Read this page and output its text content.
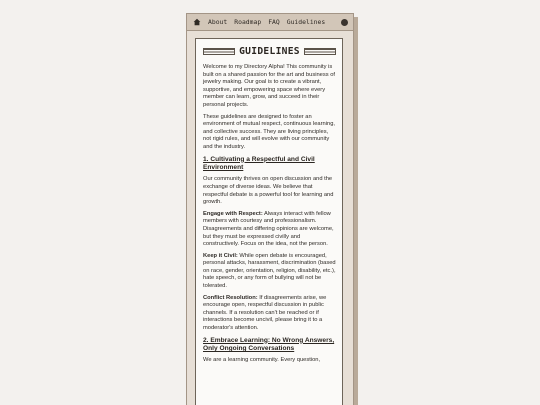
About Roadmap FAQ Guidelines
GUIDELINES

Welcome to my Directory Alpha! This community is built on a shared passion for the art and business of jewelry making. Our goal is to create a vibrant, supportive, and empowering space where every member can learn, grow, and succeed in their personal projects.

These guidelines are designed to foster an environment of mutual respect, continuous learning, and collective success. They are living principles, not rigid rules, and will evolve with our community and the industry.

1. Cultivating a Respectful and Civil Environment

Our community thrives on open discussion and the exchange of diverse ideas. We believe that respectful debate is a powerful tool for learning and growth.

Engage with Respect: Always interact with fellow members with courtesy and professionalism. Disagreements and differing opinions are welcome, but they must be expressed civilly and constructively. Focus on the idea, not the person.

Keep it Civil: While open debate is encouraged, personal attacks, harassment, discrimination (based on race, gender, orientation, religion, disability, etc.), hate speech, or any form of bullying will not be tolerated.

Conflict Resolution: If disagreements arise, we encourage open, respectful discussion in public channels. If a resolution can't be reached or if interactions become uncivil, please bring it to a moderator's attention.

2. Embrace Learning: No Wrong Answers, Only Ongoing Conversations

We are a learning community. Every question,
